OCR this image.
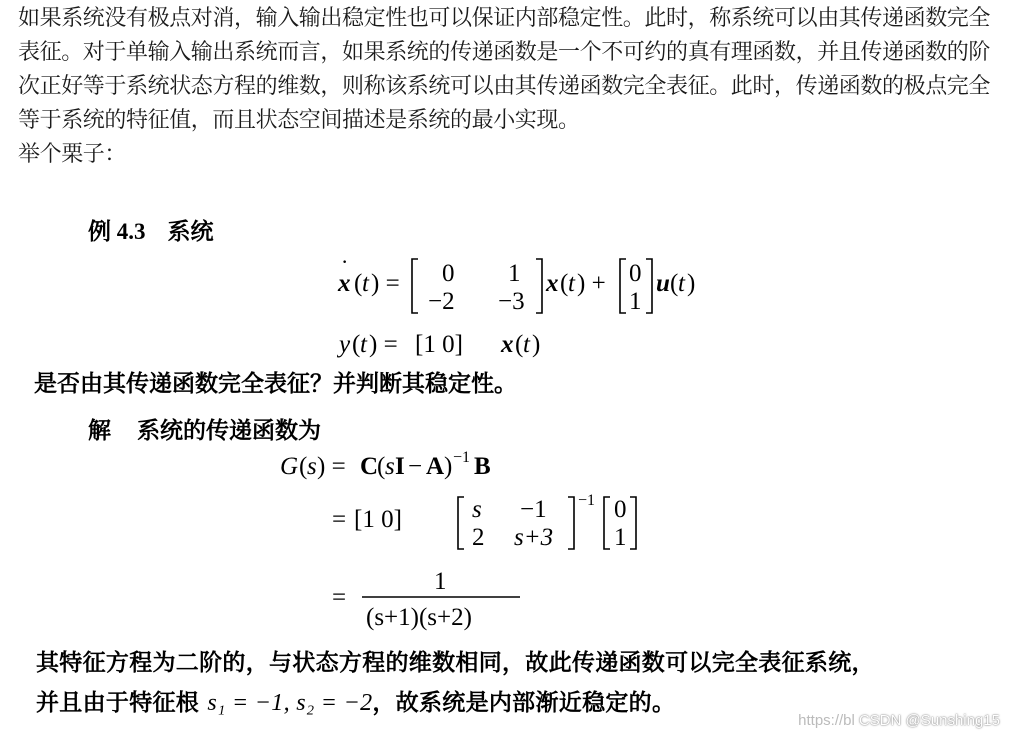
如果系统没有极点对消，输入输出稳定性也可以保证内部稳定性。此时，称系统可以由其传递函数完全表征。对于单输入输出系统而言，如果系统的传递函数是一个不可约的真有理函数，并且传递函数的阶次正好等于系统状态方程的维数，则称该系统可以由其传递函数完全表征。此时，传递函数的极点完全等于系统的特征值，而且状态空间描述是系统的最小实现。

举个栗子：

例 4.3 系统
x
·
( t ) = 0 1
−2 −3
x ( t ) + 0
1
u ( t )
y ( t ) = [1 0] x ( t )
是否由其传递函数完全表征？并判断其稳定性。
解 系统的传递函数为
G ( s ) = C
( s I − A ) −1 B
= [1 0]	s −1
2 s+3
−1 0
1
=
1
(s+1)(s+2)
其特征方程为二阶的，与状态方程的维数相同，故此传递函数可以完全表征系统，
并且由于特征根 s₁ = −1, s₂ = −2，故系统是内部渐近稳定的。
https://bl CSDN @Sunshing15
